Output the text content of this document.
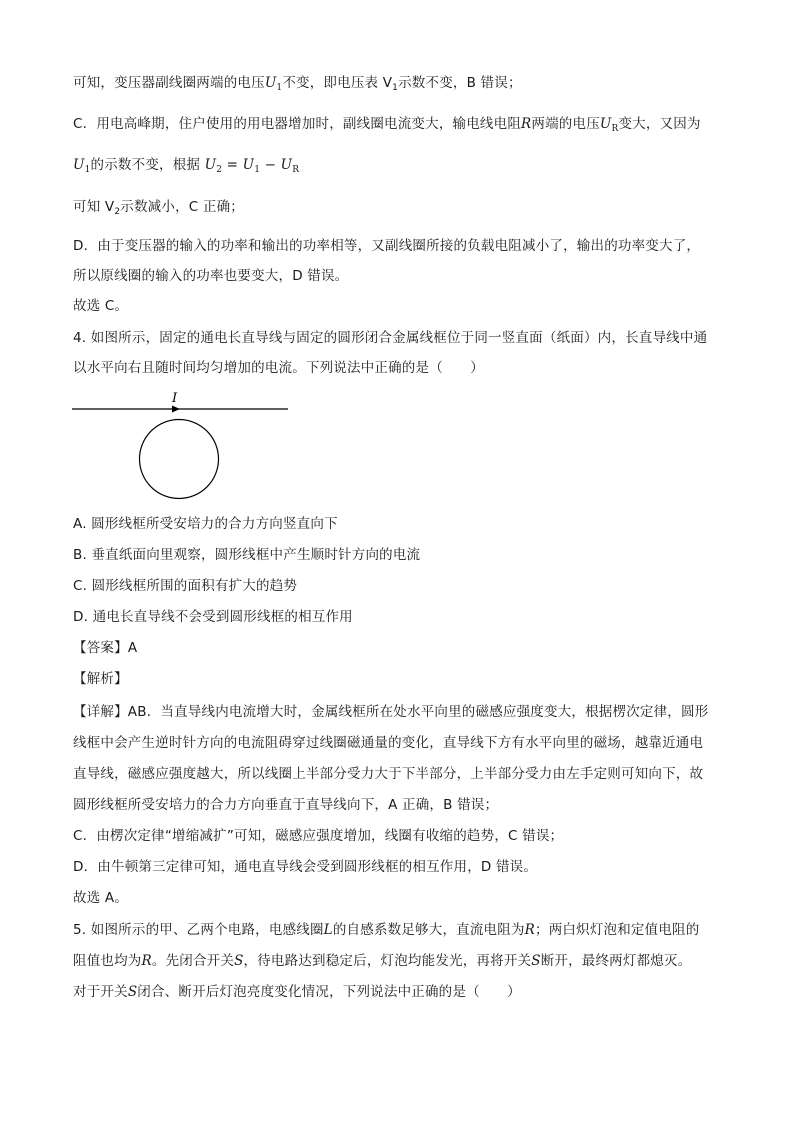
可知，变压器副线圈两端的电压$U_1$不变，即电压表 $V_1$示数不变，B 错误；
C．用电高峰期，住户使用的用电器增加时，副线圈电流变大，输电线电阻R两端的电压$U_R$变大，又因为
$U_1$的示数不变，根据 $U_2 = U_1 - U_R$
可知 $V_2$示数减小，C 正确；
D．由于变压器的输入的功率和输出的功率相等，又副线圈所接的负载电阻减小了，输出的功率变大了，
所以原线圈的输入的功率也要变大，D 错误。
故选 C。
4. 如图所示，固定的通电长直导线与固定的圆形闭合金属线框位于同一竖直面（纸面）内，长直导线中通
以水平向右且随时间均匀增加的电流。下列说法中正确的是（　　）
I
A. 圆形线框所受安培力的合力方向竖直向下
B. 垂直纸面向里观察，圆形线框中产生顺时针方向的电流
C. 圆形线框所围的面积有扩大的趋势
D. 通电长直导线不会受到圆形线框的相互作用
【答案】A
【解析】
【详解】AB．当直导线内电流增大时，金属线框所在处水平向里的磁感应强度变大，根据楞次定律，圆形
线框中会产生逆时针方向的电流阻碍穿过线圈磁通量的变化，直导线下方有水平向里的磁场，越靠近通电
直导线，磁感应强度越大，所以线圈上半部分受力大于下半部分，上半部分受力由左手定则可知向下，故
圆形线框所受安培力的合力方向垂直于直导线向下，A 正确，B 错误；
C．由楞次定律“增缩减扩”可知，磁感应强度增加，线圈有收缩的趋势，C 错误；
D．由牛顿第三定律可知，通电直导线会受到圆形线框的相互作用，D 错误。
故选 A。
5. 如图所示的甲、乙两个电路，电感线圈L的自感系数足够大，直流电阻为R；两白炽灯泡和定值电阻的
阻值也均为R。先闭合开关S，待电路达到稳定后，灯泡均能发光，再将开关S断开，最终两灯都熄灭。
对于开关S闭合、断开后灯泡亮度变化情况，下列说法中正确的是（　　）
